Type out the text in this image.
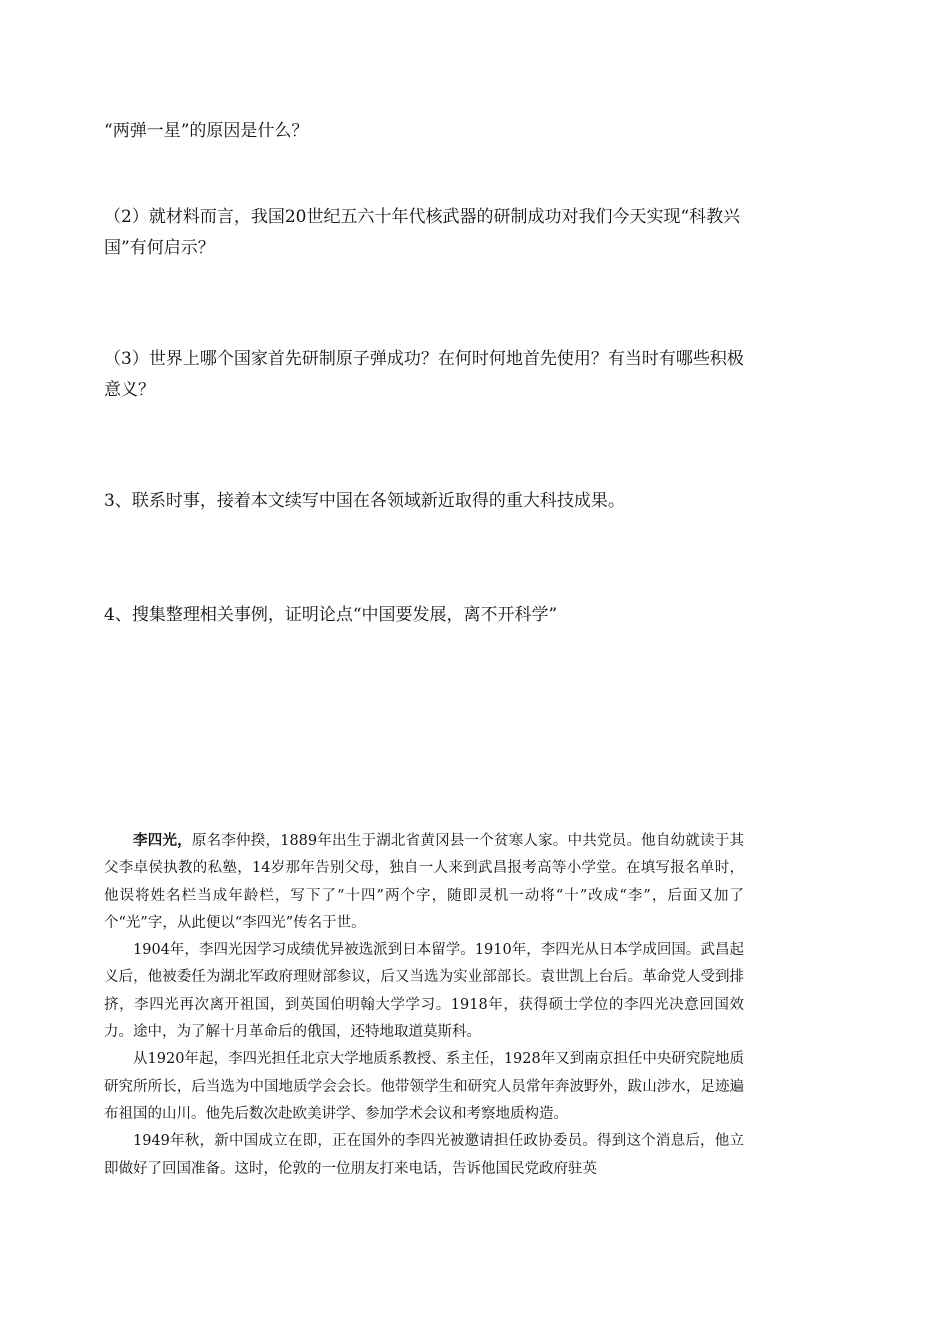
“两弹一星”的原因是什么？

（2）就材料而言，我国20世纪五六十年代核武器的研制成功对我们今天实现“科教兴国”有何启示？

（3）世界上哪个国家首先研制原子弹成功？在何时何地首先使用？有当时有哪些积极意义？

3、联系时事，接着本文续写中国在各领域新近取得的重大科技成果。

4、搜集整理相关事例，证明论点“中国要发展，离不开科学”

李四光，原名李仲揆，1889年出生于湖北省黄冈县一个贫寒人家。中共党员。他自幼就读于其父李卓侯执教的私塾，14岁那年告别父母，独自一人来到武昌报考高等小学堂。在填写报名单时，他误将姓名栏当成年龄栏，写下了“十四”两个字，随即灵机一动将“十”改成“李”，后面又加了个“光”字，从此便以“李四光”传名于世。

1904年，李四光因学习成绩优异被选派到日本留学。1910年，李四光从日本学成回国。武昌起义后，他被委任为湖北军政府理财部参议，后又当选为实业部部长。袁世凯上台后。革命党人受到排挤，李四光再次离开祖国，到英国伯明翰大学学习。1918年，获得硕士学位的李四光决意回国效力。途中，为了解十月革命后的俄国，还特地取道莫斯科。

从1920年起，李四光担任北京大学地质系教授、系主任，1928年又到南京担任中央研究院地质研究所所长，后当选为中国地质学会会长。他带领学生和研究人员常年奔波野外，跋山涉水，足迹遍布祖国的山川。他先后数次赴欧美讲学、参加学术会议和考察地质构造。

1949年秋，新中国成立在即，正在国外的李四光被邀请担任政协委员。得到这个消息后，他立即做好了回国准备。这时，伦敦的一位朋友打来电话，告诉他国民党政府驻英
